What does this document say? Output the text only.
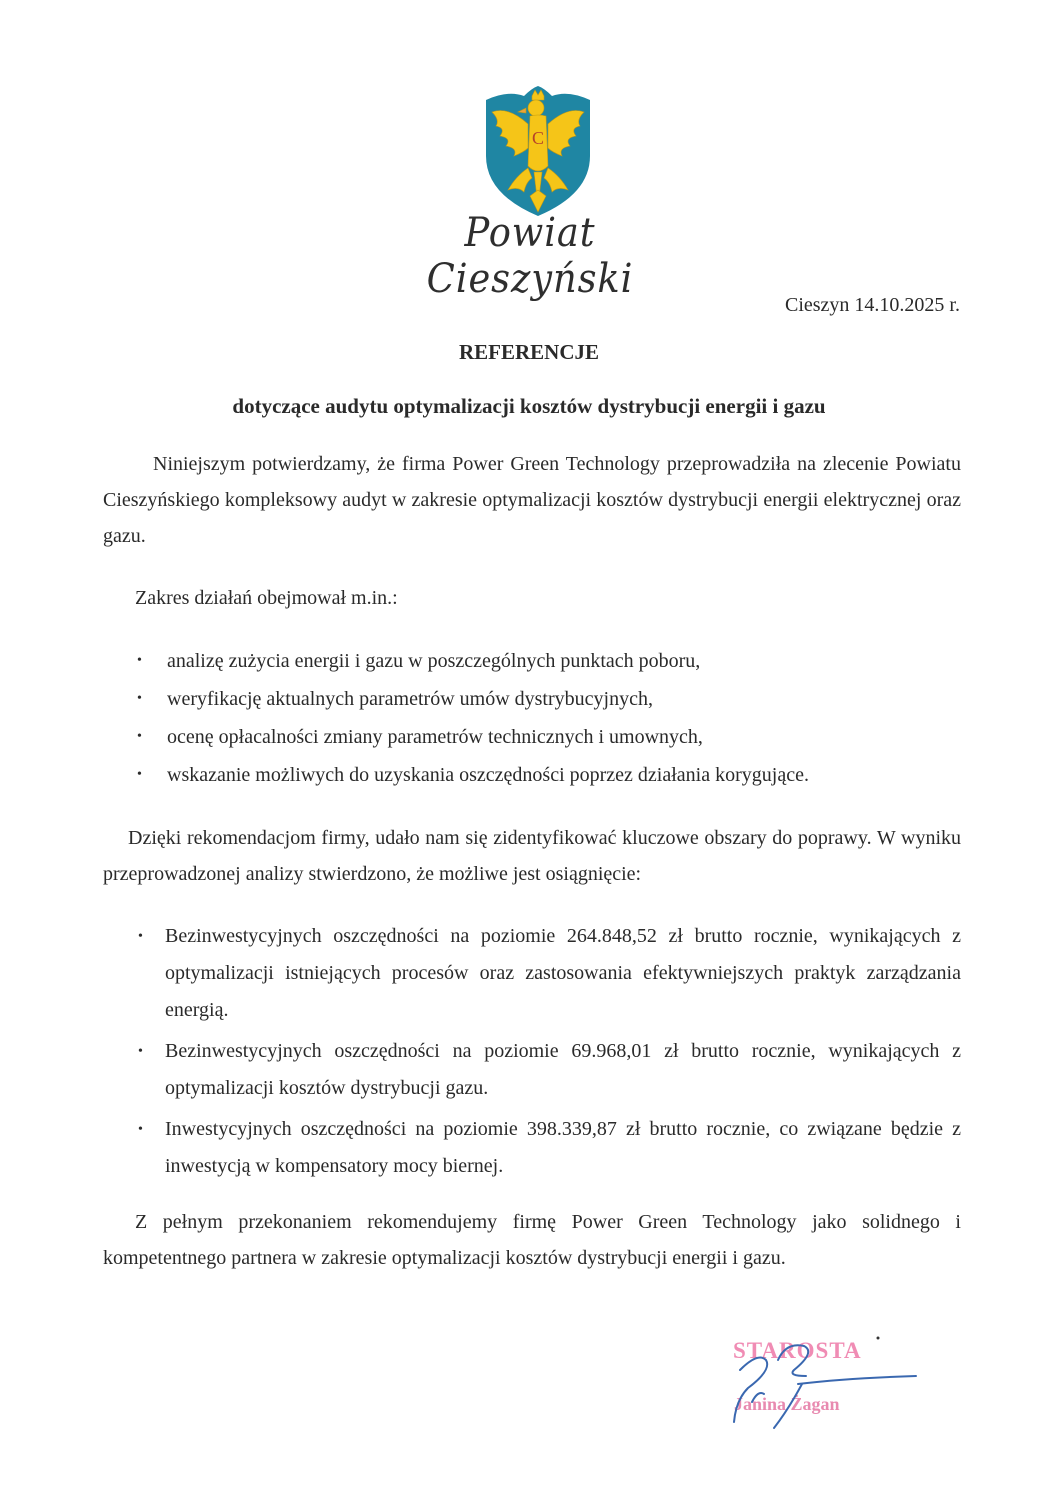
C
Powiat Cieszyński
Cieszyn 14.10.2025 r.
REFERENCJE
dotyczące audytu optymalizacji kosztów dystrybucji energii i gazu

Niniejszym potwierdzamy, że firma Power Green Technology przeprowadziła na zlecenie Powiatu Cieszyńskiego kompleksowy audyt w zakresie optymalizacji kosztów dystrybucji energii elektrycznej oraz gazu.

Zakres działań obejmował m.in.:

• analizę zużycia energii i gazu w poszczególnych punktach poboru,
• weryfikację aktualnych parametrów umów dystrybucyjnych,
• ocenę opłacalności zmiany parametrów technicznych i umownych,
• wskazanie możliwych do uzyskania oszczędności poprzez działania korygujące.

Dzięki rekomendacjom firmy, udało nam się zidentyfikować kluczowe obszary do poprawy. W wyniku przeprowadzonej analizy stwierdzono, że możliwe jest osiągnięcie:

• Bezinwestycyjnych oszczędności na poziomie 264.848,52 zł brutto rocznie, wynikających z optymalizacji istniejących procesów oraz zastosowania efektywniejszych praktyk zarządzania energią.
• Bezinwestycyjnych oszczędności na poziomie 69.968,01 zł brutto rocznie, wynikających z optymalizacji kosztów dystrybucji gazu.
• Inwestycyjnych oszczędności na poziomie 398.339,87 zł brutto rocznie, co związane będzie z inwestycją w kompensatory mocy biernej.

Z pełnym przekonaniem rekomendujemy firmę Power Green Technology jako solidnego i kompetentnego partnera w zakresie optymalizacji kosztów dystrybucji energii i gazu.

STAROSTA
Janina Żagan
